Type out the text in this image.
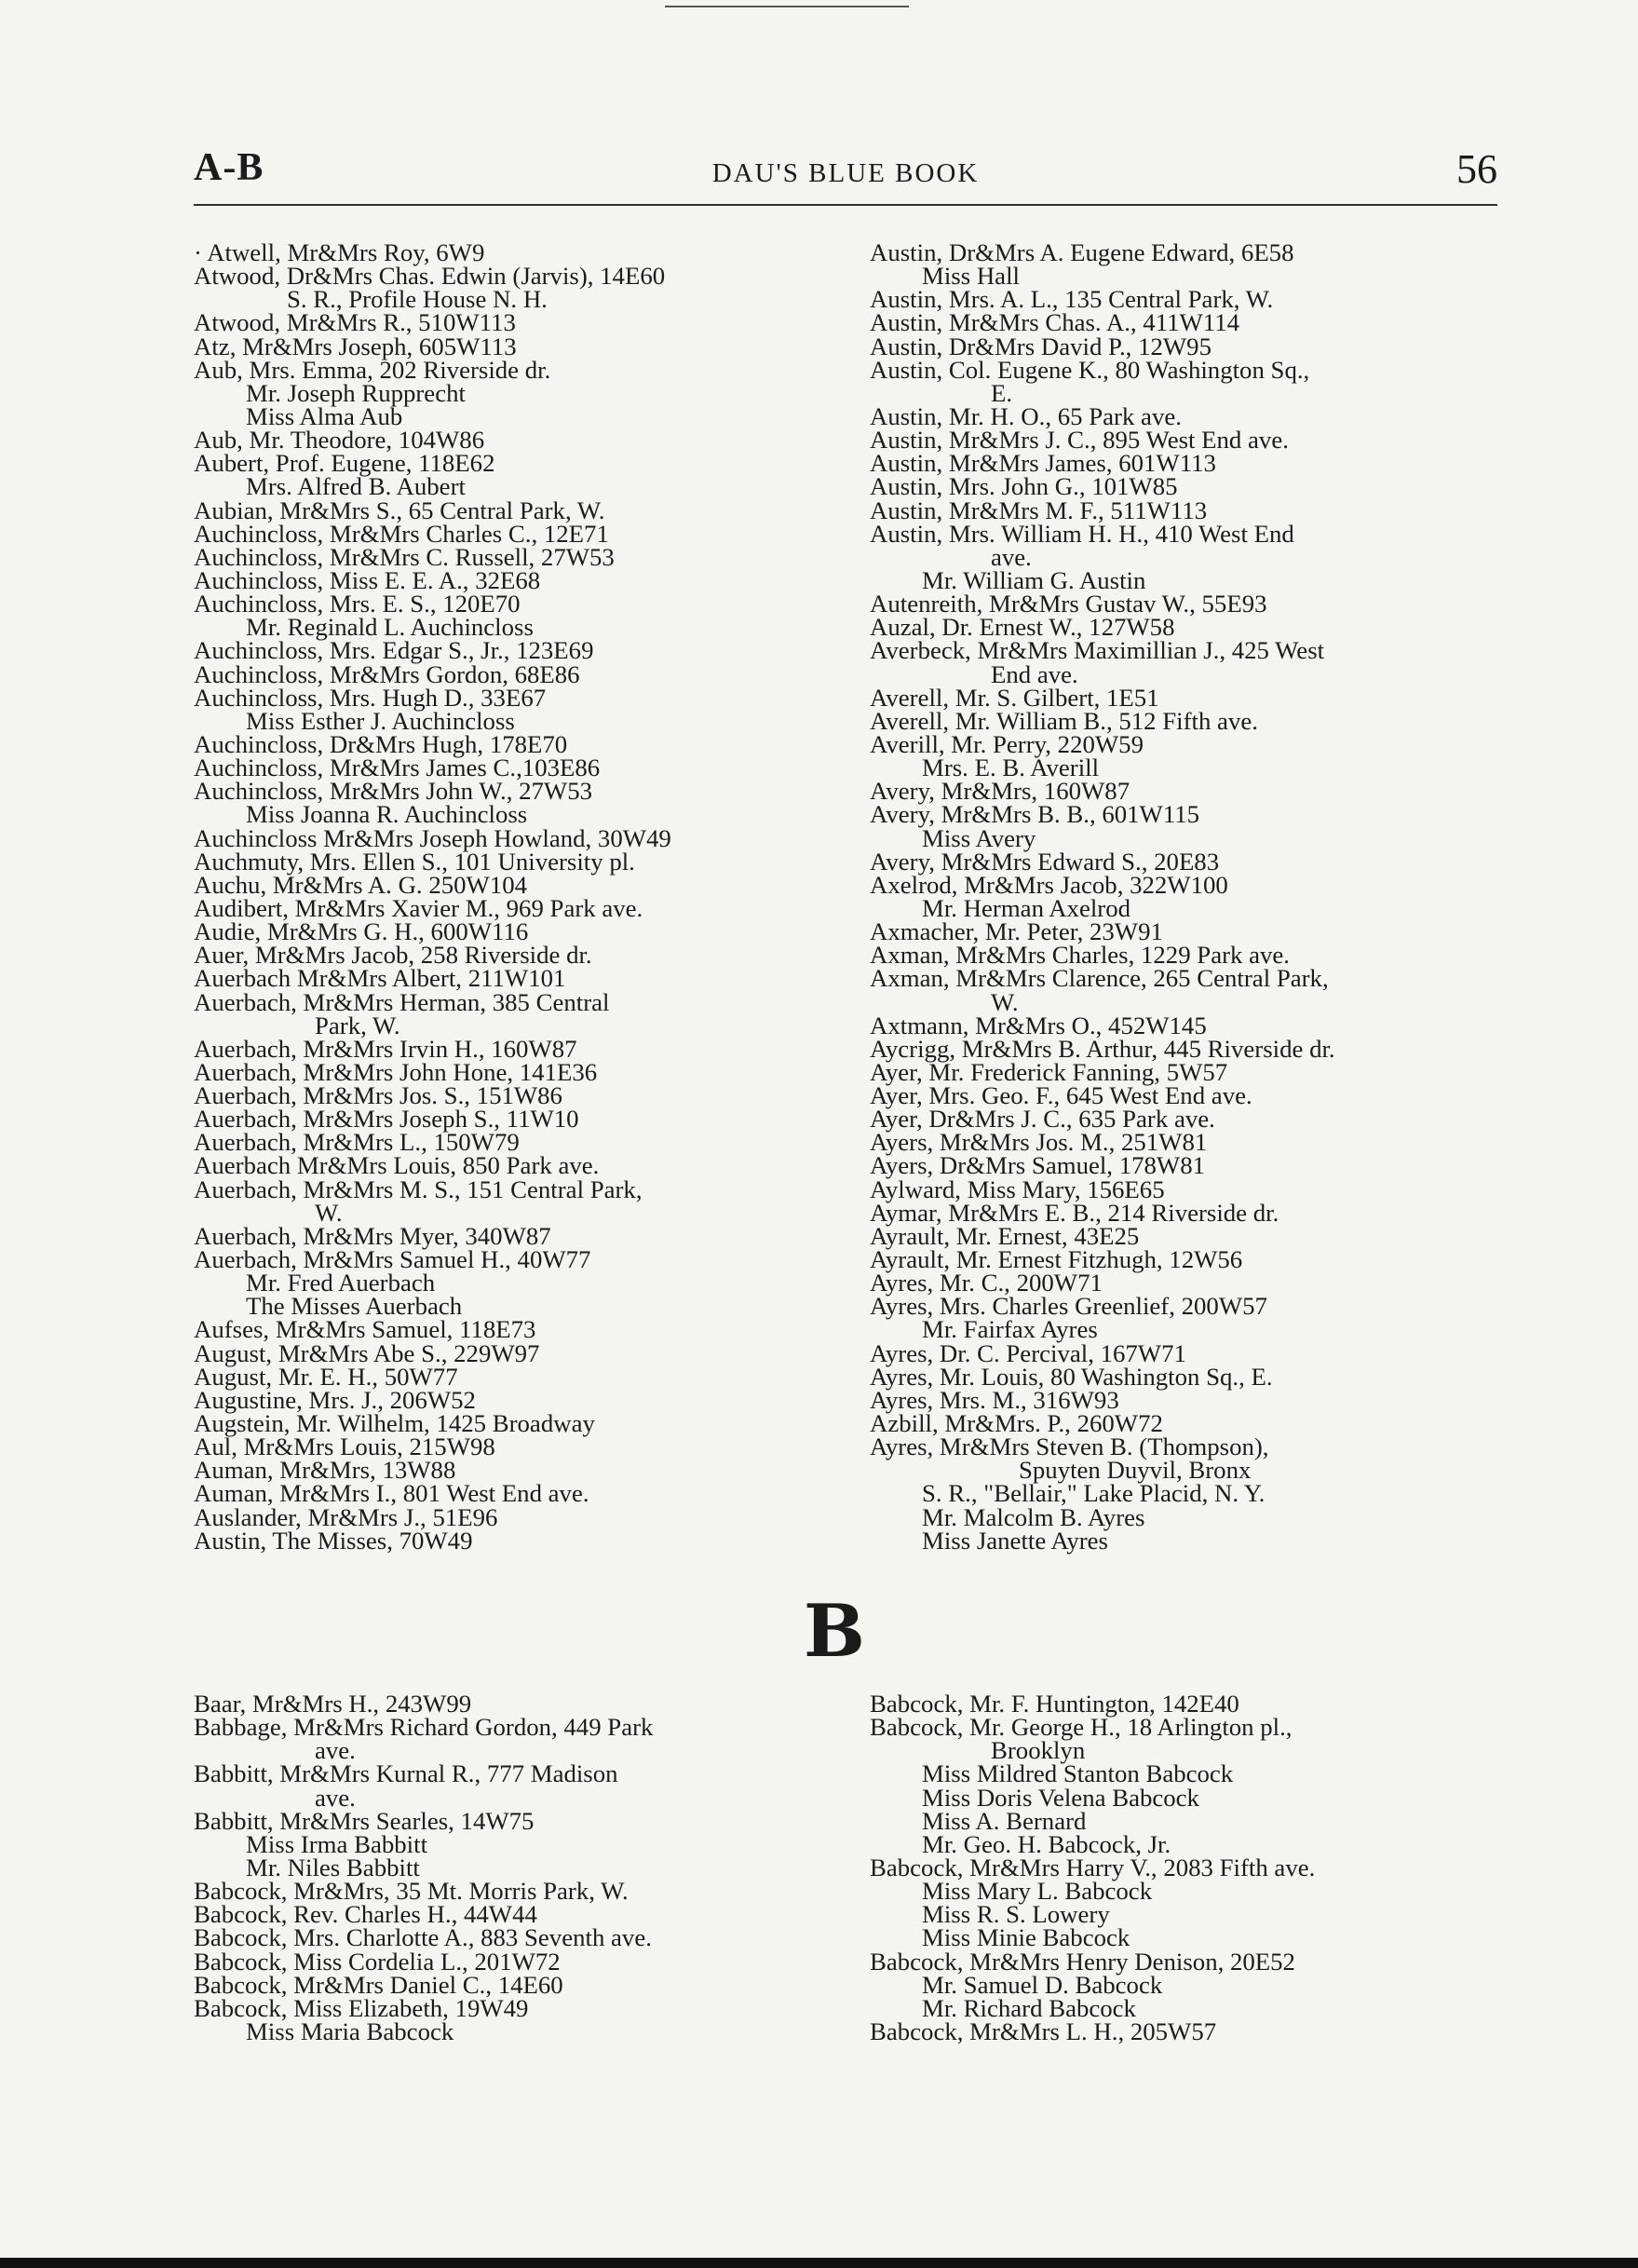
A-B	DAU'S BLUE BOOK	56
· Atwell, Mr&Mrs Roy, 6W9
Atwood, Dr&Mrs Chas. Edwin (Jarvis), 14E60
S. R., Profile House N. H.
Atwood, Mr&Mrs R., 510W113
Atz, Mr&Mrs Joseph, 605W113
Aub, Mrs. Emma, 202 Riverside dr.
Mr. Joseph Rupprecht
Miss Alma Aub
Aub, Mr. Theodore, 104W86
Aubert, Prof. Eugene, 118E62
Mrs. Alfred B. Aubert
Aubian, Mr&Mrs S., 65 Central Park, W.
Auchincloss, Mr&Mrs Charles C., 12E71
Auchincloss, Mr&Mrs C. Russell, 27W53
Auchincloss, Miss E. E. A., 32E68
Auchincloss, Mrs. E. S., 120E70
Mr. Reginald L. Auchincloss
Auchincloss, Mrs. Edgar S., Jr., 123E69
Auchincloss, Mr&Mrs Gordon, 68E86
Auchincloss, Mrs. Hugh D., 33E67
Miss Esther J. Auchincloss
Auchincloss, Dr&Mrs Hugh, 178E70
Auchincloss, Mr&Mrs James C.,103E86
Auchincloss, Mr&Mrs John W., 27W53
Miss Joanna R. Auchincloss
Auchincloss Mr&Mrs Joseph Howland, 30W49
Auchmuty, Mrs. Ellen S., 101 University pl.
Auchu, Mr&Mrs A. G. 250W104
Audibert, Mr&Mrs Xavier M., 969 Park ave.
Audie, Mr&Mrs G. H., 600W116
Auer, Mr&Mrs Jacob, 258 Riverside dr.
Auerbach Mr&Mrs Albert, 211W101
Auerbach, Mr&Mrs Herman, 385 Central
Park, W.
Auerbach, Mr&Mrs Irvin H., 160W87
Auerbach, Mr&Mrs John Hone, 141E36
Auerbach, Mr&Mrs Jos. S., 151W86
Auerbach, Mr&Mrs Joseph S., 11W10
Auerbach, Mr&Mrs L., 150W79
Auerbach Mr&Mrs Louis, 850 Park ave.
Auerbach, Mr&Mrs M. S., 151 Central Park,
W.
Auerbach, Mr&Mrs Myer, 340W87
Auerbach, Mr&Mrs Samuel H., 40W77
Mr. Fred Auerbach
The Misses Auerbach
Aufses, Mr&Mrs Samuel, 118E73
August, Mr&Mrs Abe S., 229W97
August, Mr. E. H., 50W77
Augustine, Mrs. J., 206W52
Augstein, Mr. Wilhelm, 1425 Broadway
Aul, Mr&Mrs Louis, 215W98
Auman, Mr&Mrs, 13W88
Auman, Mr&Mrs I., 801 West End ave.
Auslander, Mr&Mrs J., 51E96
Austin, The Misses, 70W49
Austin, Dr&Mrs A. Eugene Edward, 6E58
Miss Hall
Austin, Mrs. A. L., 135 Central Park, W.
Austin, Mr&Mrs Chas. A., 411W114
Austin, Dr&Mrs David P., 12W95
Austin, Col. Eugene K., 80 Washington Sq.,
E.
Austin, Mr. H. O., 65 Park ave.
Austin, Mr&Mrs J. C., 895 West End ave.
Austin, Mr&Mrs James, 601W113
Austin, Mrs. John G., 101W85
Austin, Mr&Mrs M. F., 511W113
Austin, Mrs. William H. H., 410 West End
ave.
Mr. William G. Austin
Autenreith, Mr&Mrs Gustav W., 55E93
Auzal, Dr. Ernest W., 127W58
Averbeck, Mr&Mrs Maximillian J., 425 West
End ave.
Averell, Mr. S. Gilbert, 1E51
Averell, Mr. William B., 512 Fifth ave.
Averill, Mr. Perry, 220W59
Mrs. E. B. Averill
Avery, Mr&Mrs, 160W87
Avery, Mr&Mrs B. B., 601W115
Miss Avery
Avery, Mr&Mrs Edward S., 20E83
Axelrod, Mr&Mrs Jacob, 322W100
Mr. Herman Axelrod
Axmacher, Mr. Peter, 23W91
Axman, Mr&Mrs Charles, 1229 Park ave.
Axman, Mr&Mrs Clarence, 265 Central Park,
W.
Axtmann, Mr&Mrs O., 452W145
Aycrigg, Mr&Mrs B. Arthur, 445 Riverside dr.
Ayer, Mr. Frederick Fanning, 5W57
Ayer, Mrs. Geo. F., 645 West End ave.
Ayer, Dr&Mrs J. C., 635 Park ave.
Ayers, Mr&Mrs Jos. M., 251W81
Ayers, Dr&Mrs Samuel, 178W81
Aylward, Miss Mary, 156E65
Aymar, Mr&Mrs E. B., 214 Riverside dr.
Ayrault, Mr. Ernest, 43E25
Ayrault, Mr. Ernest Fitzhugh, 12W56
Ayres, Mr. C., 200W71
Ayres, Mrs. Charles Greenlief, 200W57
Mr. Fairfax Ayres
Ayres, Dr. C. Percival, 167W71
Ayres, Mr. Louis, 80 Washington Sq., E.
Ayres, Mrs. M., 316W93
Azbill, Mr&Mrs. P., 260W72
Ayres, Mr&Mrs Steven B. (Thompson),
Spuyten Duyvil, Bronx
S. R., "Bellair," Lake Placid, N. Y.
Mr. Malcolm B. Ayres
Miss Janette Ayres
B
Baar, Mr&Mrs H., 243W99
Babbage, Mr&Mrs Richard Gordon, 449 Park
ave.
Babbitt, Mr&Mrs Kurnal R., 777 Madison
ave.
Babbitt, Mr&Mrs Searles, 14W75
Miss Irma Babbitt
Mr. Niles Babbitt
Babcock, Mr&Mrs, 35 Mt. Morris Park, W.
Babcock, Rev. Charles H., 44W44
Babcock, Mrs. Charlotte A., 883 Seventh ave.
Babcock, Miss Cordelia L., 201W72
Babcock, Mr&Mrs Daniel C., 14E60
Babcock, Miss Elizabeth, 19W49
Miss Maria Babcock
Babcock, Mr. F. Huntington, 142E40
Babcock, Mr. George H., 18 Arlington pl.,
Brooklyn
Miss Mildred Stanton Babcock
Miss Doris Velena Babcock
Miss A. Bernard
Mr. Geo. H. Babcock, Jr.
Babcock, Mr&Mrs Harry V., 2083 Fifth ave.
Miss Mary L. Babcock
Miss R. S. Lowery
Miss Minie Babcock
Babcock, Mr&Mrs Henry Denison, 20E52
Mr. Samuel D. Babcock
Mr. Richard Babcock
Babcock, Mr&Mrs L. H., 205W57
